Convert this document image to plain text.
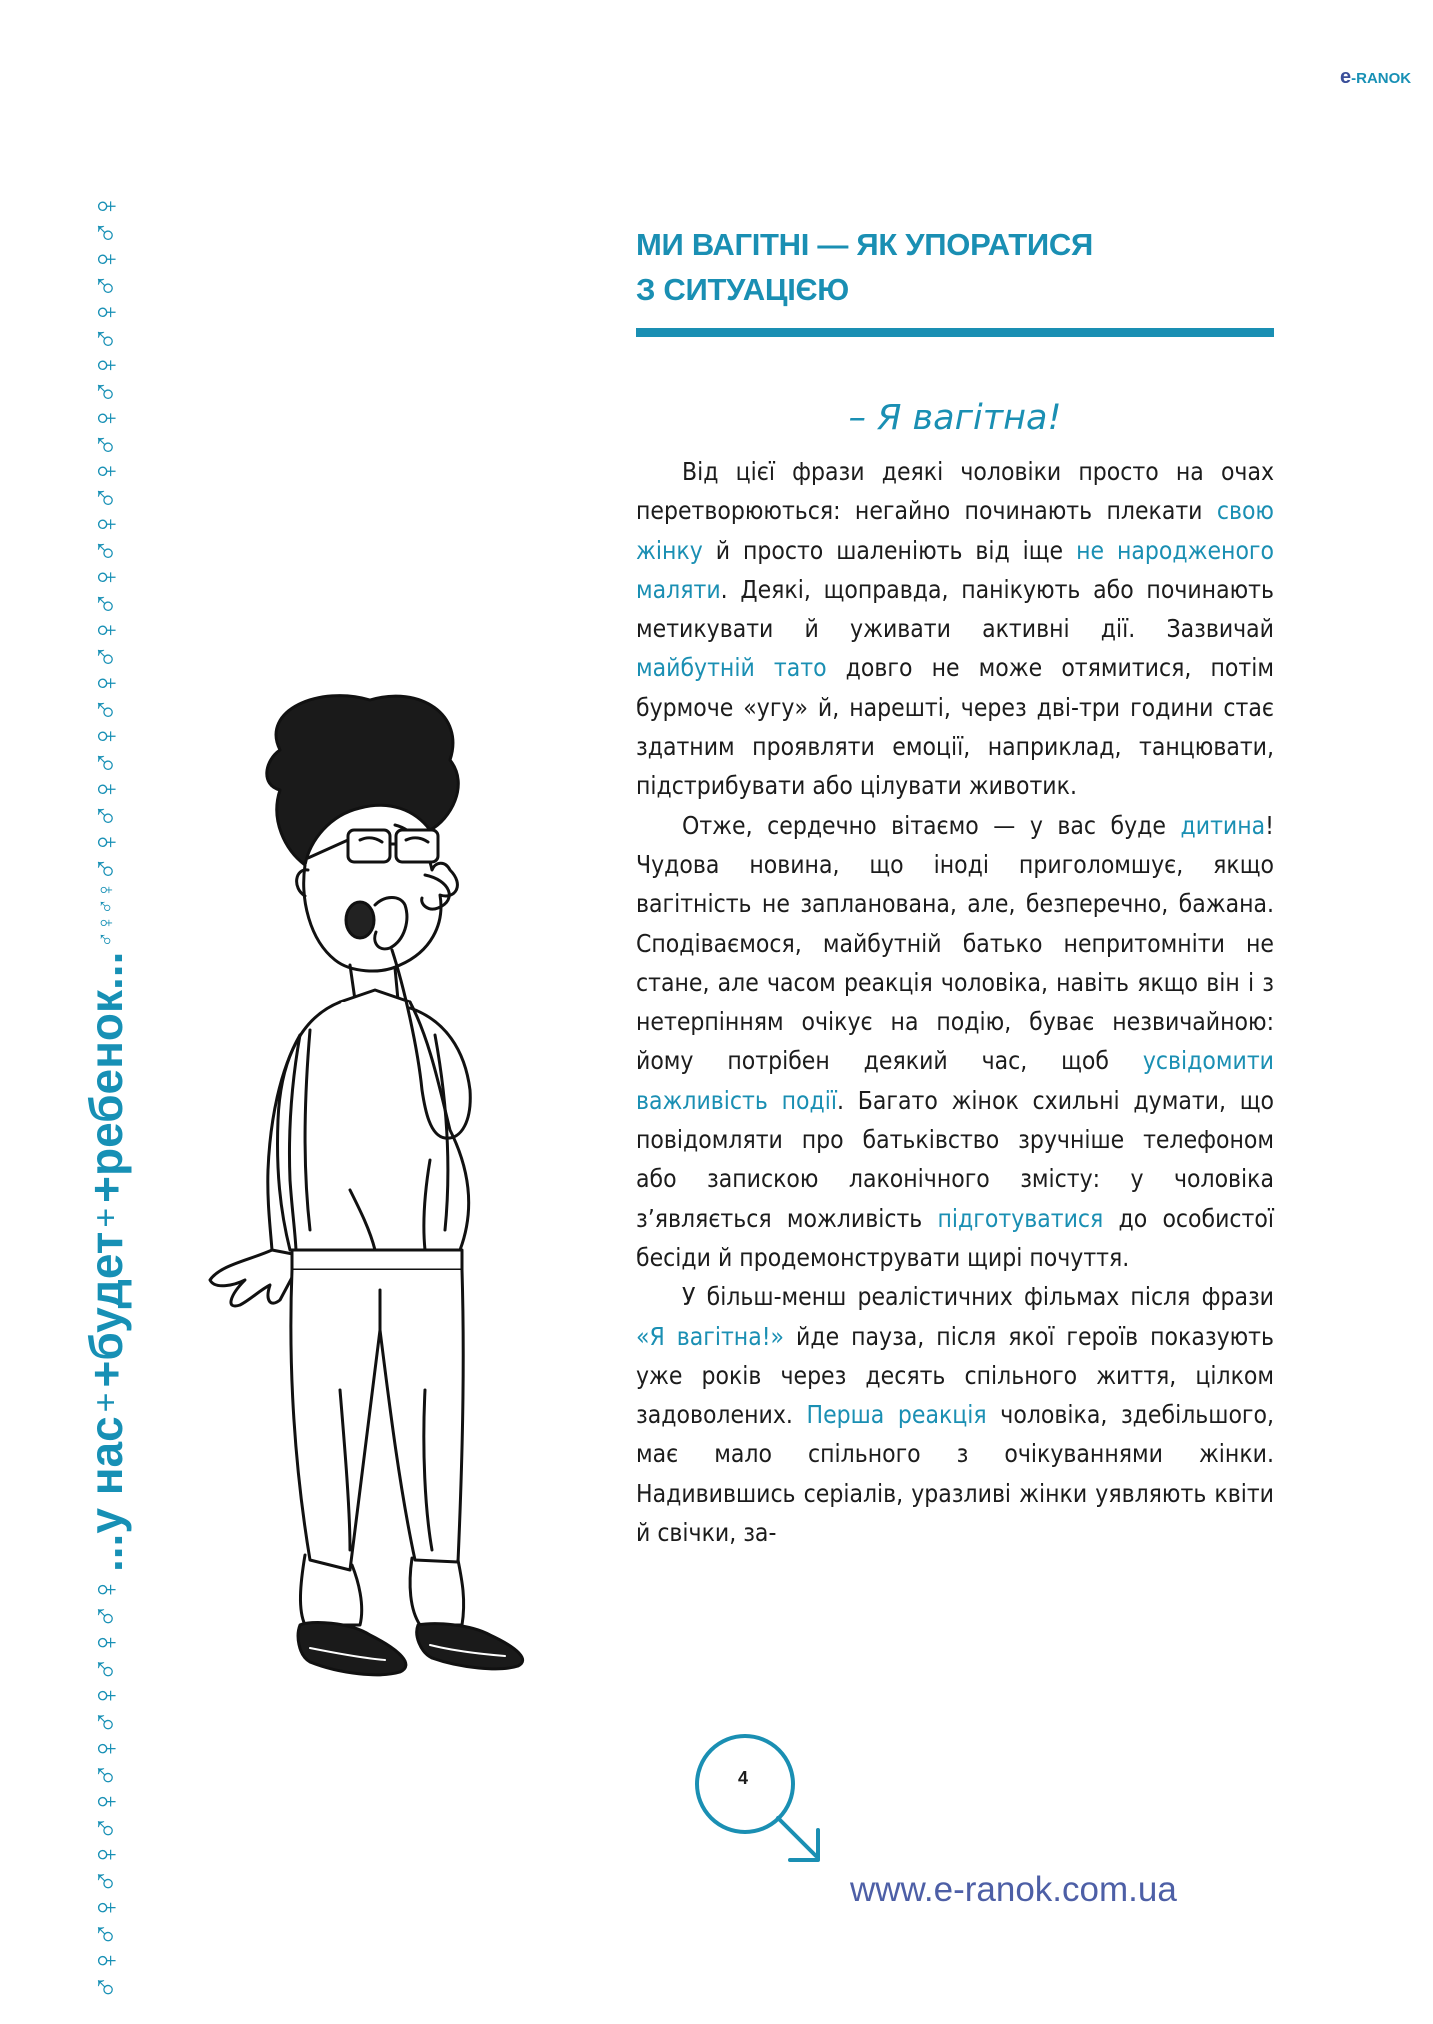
♂♀♂♀♂♀♂♀♂♀♂♀♂♀♂♀
...у нас
+
+будет
+
+ребенок...
♂♀♂♀
♂♀♂♀♂♀♂♀♂♀♂♀♂♀♂♀♂♀♂♀♂♀♂♀♂♀
e-RANOK
МИ ВАГІТНІ — ЯК УПОРАТИСЯ
З СИТУАЦІЄЮ
– Я вагітна!

Від цієї фрази деякі чоловіки просто на очах перетворюються: негайно починають плекати свою жінку й просто шаленіють від іще не народженого маляти. Деякі, щоправда, панікують або починають метикувати й уживати активні дії. Зазвичай майбутній тато довго не може отямитися, потім бурмоче «угу» й, нарешті, через дві-три години стає здатним проявляти емоції, наприклад, танцювати, підстрибувати або цілувати животик.

Отже, сердечно вітаємо — у вас буде дитина! Чудова новина, що іноді приголомшує, якщо вагітність не запланована, але, безперечно, бажана. Сподіваємося, майбутній батько непритомніти не стане, але часом реакція чоловіка, навіть якщо він і з нетерпінням очікує на подію, буває незвичайною: йому потрібен деякий час, щоб усвідомити важливість події. Багато жінок схильні думати, що повідомляти про батьківство зручніше телефоном або запискою лаконічного змісту: у чоловіка з’являється можливість підготуватися до особистої бесіди й продемонструвати щирі почуття.

У більш-менш реалістичних фільмах після фрази «Я вагітна!» йде пауза, після якої героїв показують уже років через десять спільного життя, цілком задоволених. Перша реакція чоловіка, здебільшого, має мало спільного з очікуваннями жінки. Надивившись серіалів, уразливі жінки уявляють квіти й свічки, за-

4
www.e-ranok.com.ua
